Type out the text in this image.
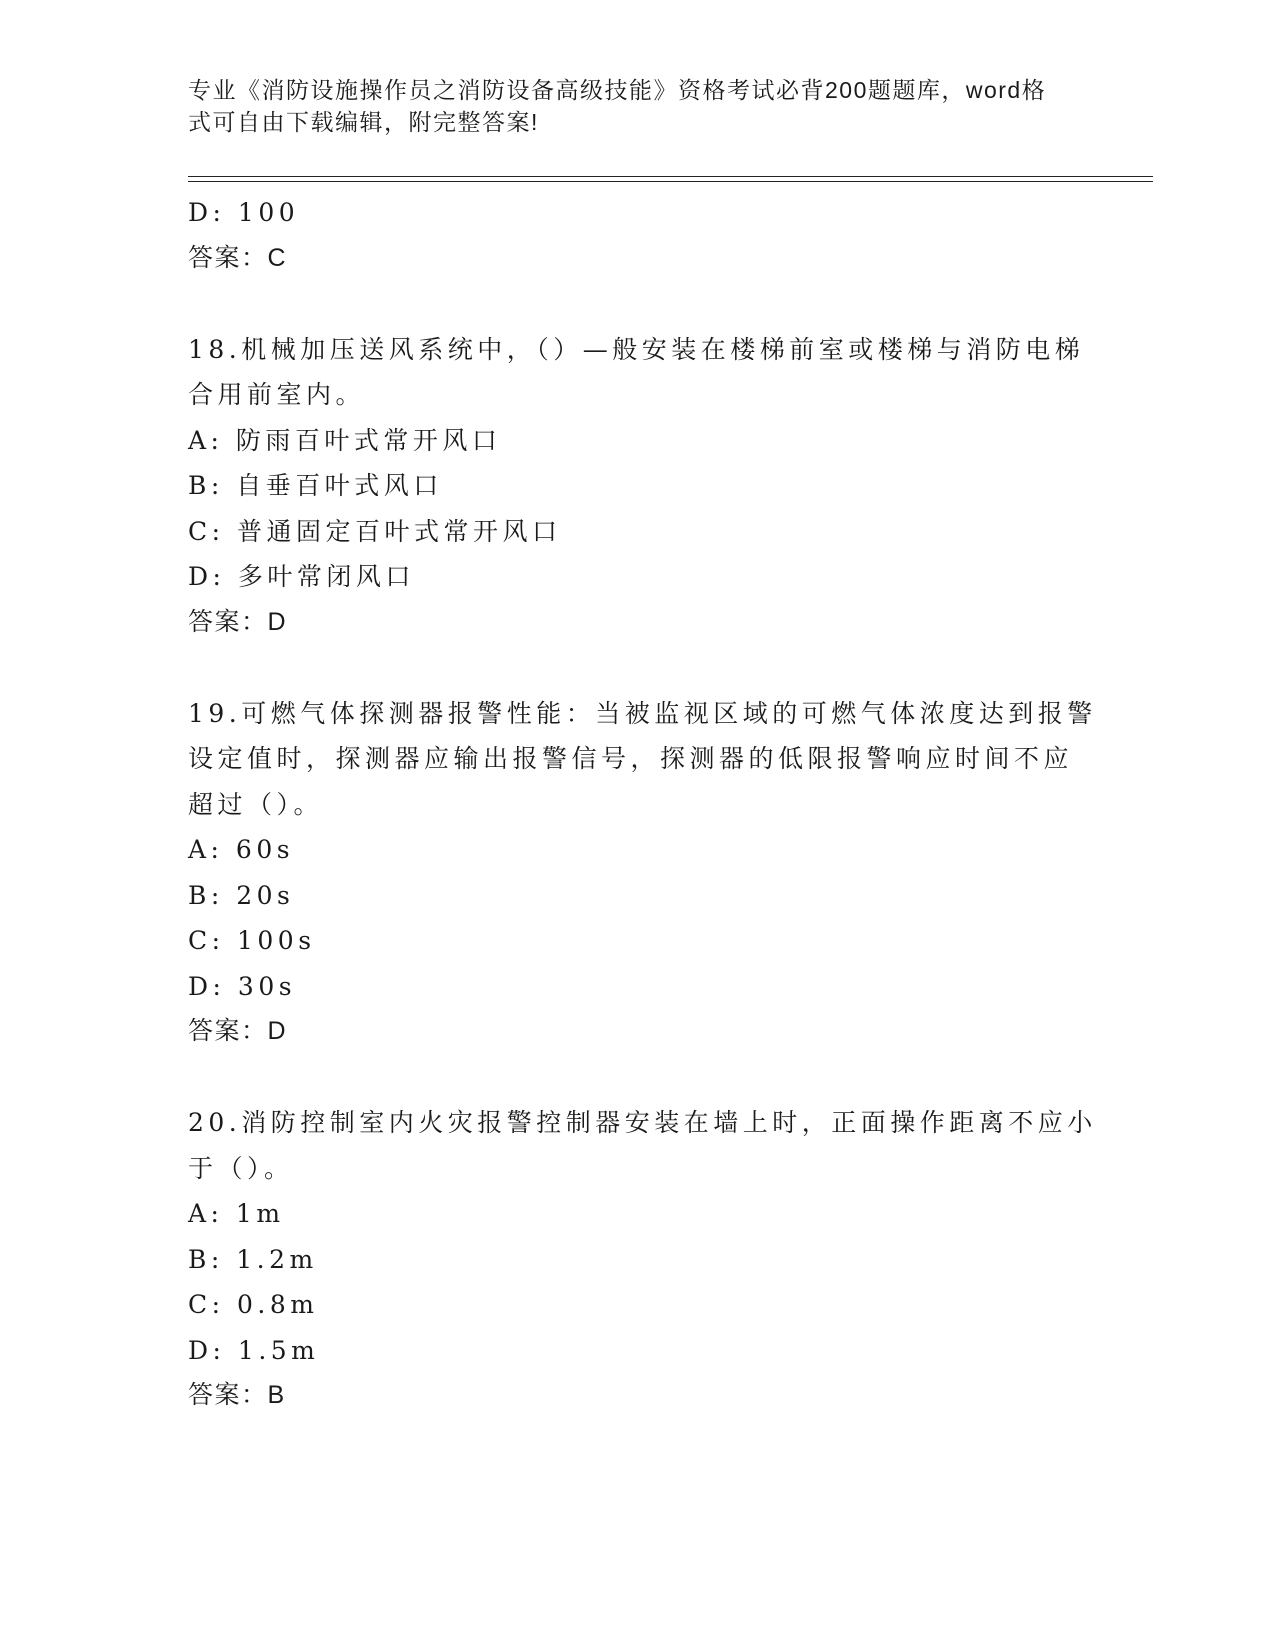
专业《消防设施操作员之消防设备高级技能》资格考试必背200题题库，word格
式可自由下载编辑，附完整答案!
D: 100
答案：C
18.机械加压送风系统中，（）—般安装在楼梯前室或楼梯与消防电梯
合用前室内。
A: 防雨百叶式常开风口
B: 自垂百叶式风口
C: 普通固定百叶式常开风口
D: 多叶常闭风口
答案：D
19.可燃气体探测器报警性能：当被监视区域的可燃气体浓度达到报警
设定值时，探测器应输出报警信号，探测器的低限报警响应时间不应
超过（）。
A: 60s
B: 20s
C: 100s
D: 30s
答案：D
20.消防控制室内火灾报警控制器安装在墙上时，正面操作距离不应小
于（）。
A: 1m
B: 1.2m
C: 0.8m
D: 1.5m
答案：B
